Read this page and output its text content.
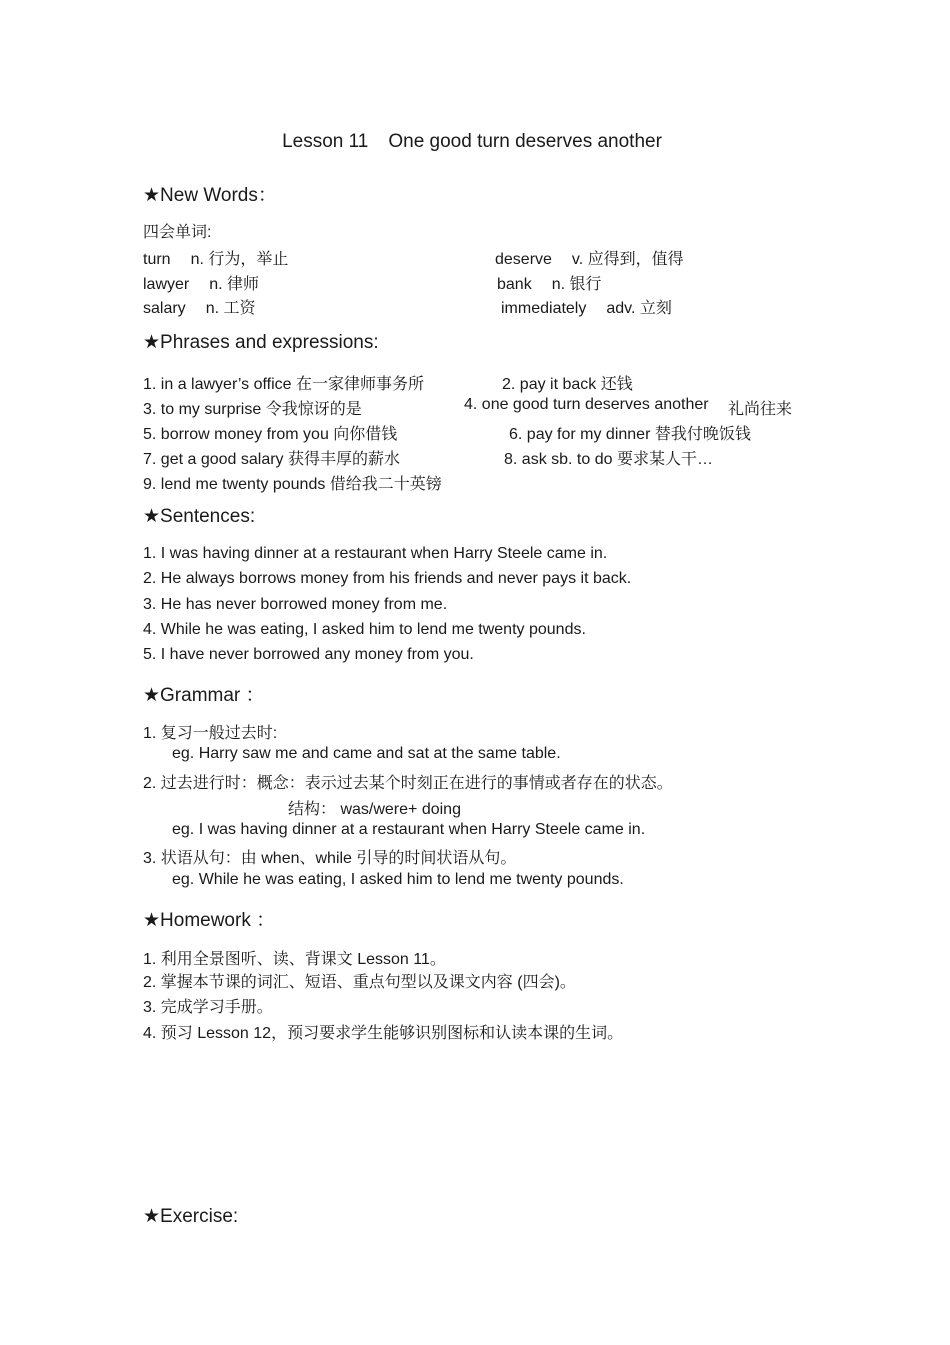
Lesson 11 One good turn deserves another
★New Words：
四会单词:
turn n. 行为，举止
lawyer n. 律师
salary n. 工资
deserve v. 应得到，值得
bank n. 银行
immediately adv. 立刻
★Phrases and expressions:
1. in a lawyer’s office 在一家律师事务所
3. to my surprise 令我惊讶的是
5. borrow money from you 向你借钱
7. get a good salary 获得丰厚的薪水
9. lend me twenty pounds 借给我二十英镑
2. pay it back 还钱
4. one good turn deserves another 礼尚往来
6. pay for my dinner 替我付晚饭钱
8. ask sb. to do 要求某人干…
★Sentences:
1. I was having dinner at a restaurant when Harry Steele came in.
2. He always borrows money from his friends and never pays it back.
3. He has never borrowed money from me.
4. While he was eating, I asked him to lend me twenty pounds.
5. I have never borrowed any money from you.
★Grammar ：
1. 复习一般过去时:
eg. Harry saw me and came and sat at the same table.
2. 过去进行时：概念：表示过去某个时刻正在进行的事情或者存在的状态。
结构： was/were+ doing
eg. I was having dinner at a restaurant when Harry Steele came in.
3. 状语从句：由 when、while 引导的时间状语从句。
eg. While he was eating, I asked him to lend me twenty pounds.
★Homework ：
1. 利用全景图听、读、背课文 Lesson 11。
2. 掌握本节课的词汇、短语、重点句型以及课文内容 (四会)。
3. 完成学习手册。
4. 预习 Lesson 12，预习要求学生能够识别图标和认读本课的生词。
★Exercise:
